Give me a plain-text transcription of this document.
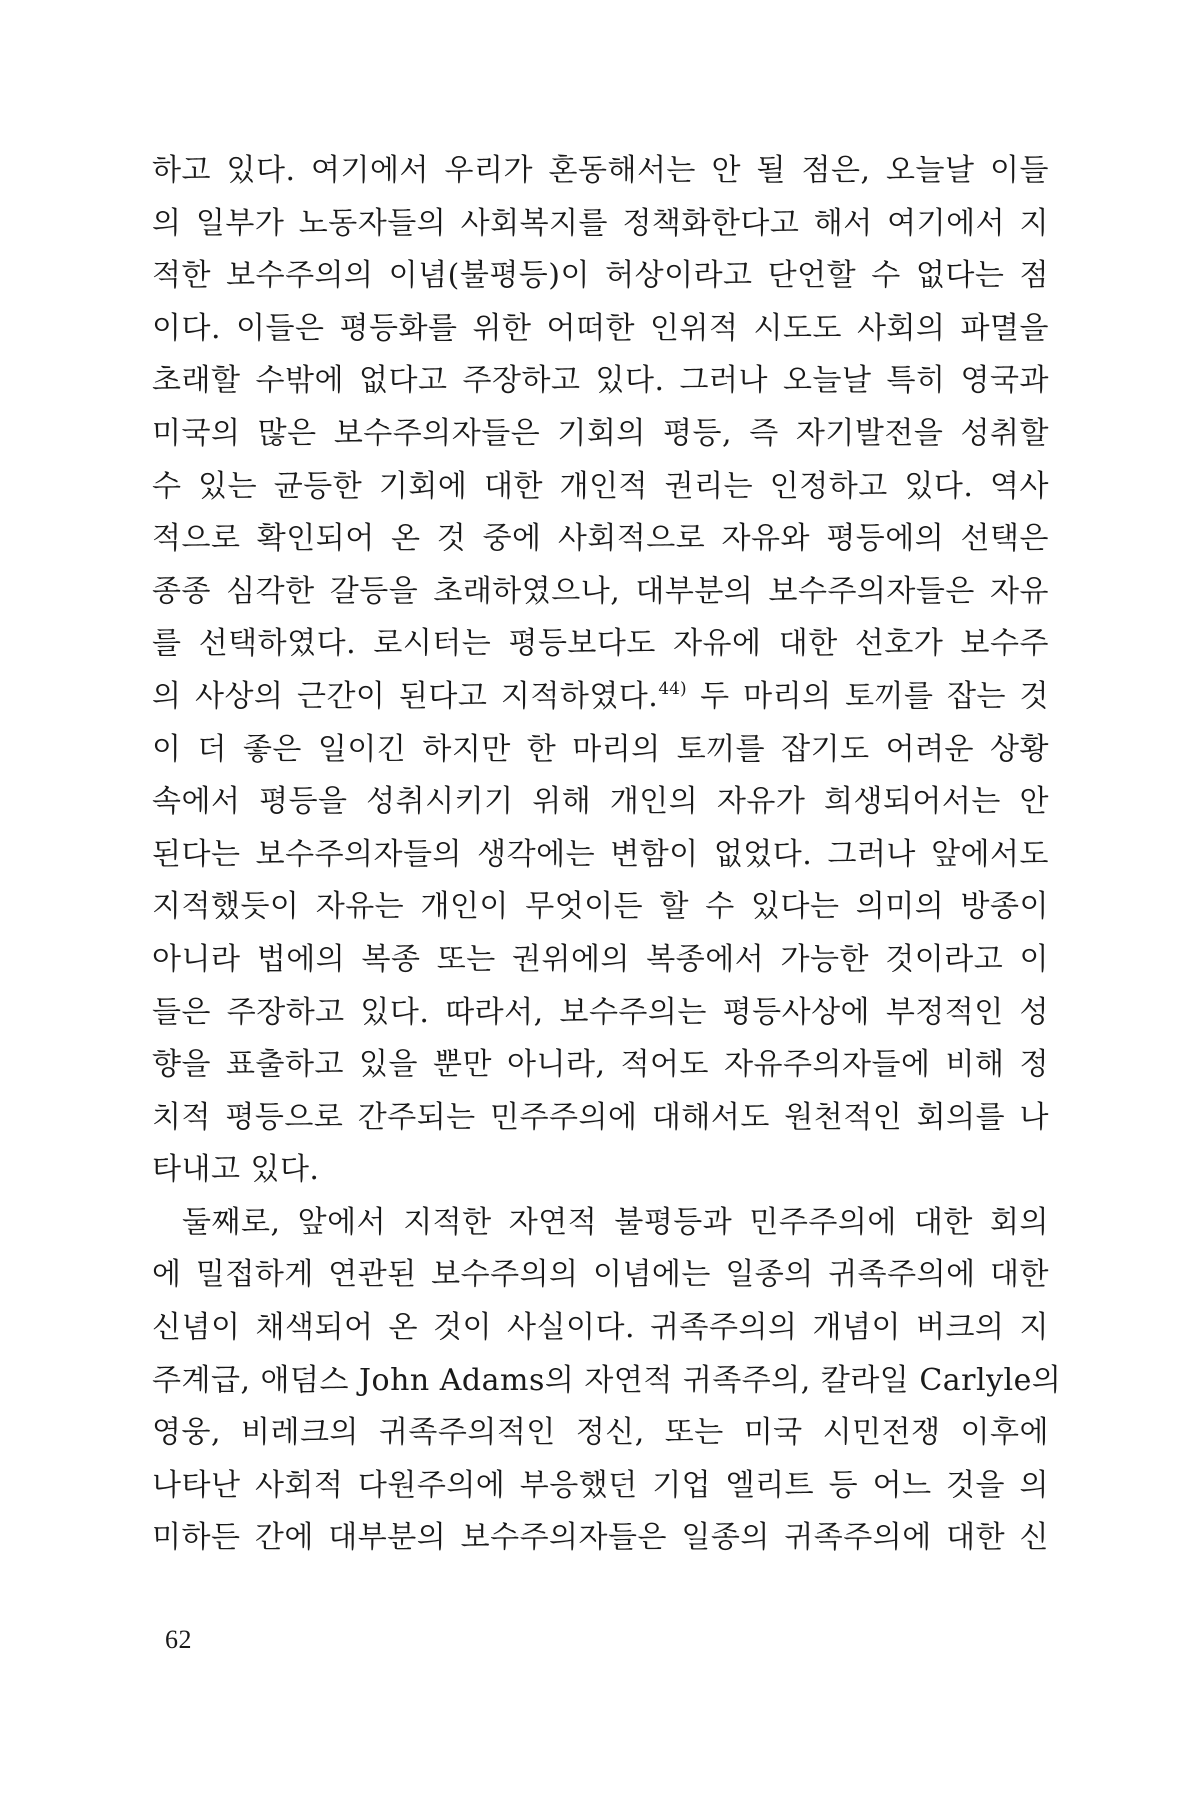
하고 있다. 여기에서 우리가 혼동해서는 안 될 점은, 오늘날 이들
의 일부가 노동자들의 사회복지를 정책화한다고 해서 여기에서 지
적한 보수주의의 이념(불평등)이 허상이라고 단언할 수 없다는 점
이다. 이들은 평등화를 위한 어떠한 인위적 시도도 사회의 파멸을
초래할 수밖에 없다고 주장하고 있다. 그러나 오늘날 특히 영국과
미국의 많은 보수주의자들은 기회의 평등, 즉 자기발전을 성취할
수 있는 균등한 기회에 대한 개인적 권리는 인정하고 있다. 역사
적으로 확인되어 온 것 중에 사회적으로 자유와 평등에의 선택은
종종 심각한 갈등을 초래하였으나, 대부분의 보수주의자들은 자유
를 선택하였다. 로시터는 평등보다도 자유에 대한 선호가 보수주
의 사상의 근간이 된다고 지적하였다.$^{44)}$ 두 마리의 토끼를 잡는 것
이 더 좋은 일이긴 하지만 한 마리의 토끼를 잡기도 어려운 상황
속에서 평등을 성취시키기 위해 개인의 자유가 희생되어서는 안
된다는 보수주의자들의 생각에는 변함이 없었다. 그러나 앞에서도
지적했듯이 자유는 개인이 무엇이든 할 수 있다는 의미의 방종이
아니라 법에의 복종 또는 권위에의 복종에서 가능한 것이라고 이
들은 주장하고 있다. 따라서, 보수주의는 평등사상에 부정적인 성
향을 표출하고 있을 뿐만 아니라, 적어도 자유주의자들에 비해 정
치적 평등으로 간주되는 민주주의에 대해서도 원천적인 회의를 나
타내고 있다.
둘째로, 앞에서 지적한 자연적 불평등과 민주주의에 대한 회의
에 밀접하게 연관된 보수주의의 이념에는 일종의 귀족주의에 대한
신념이 채색되어 온 것이 사실이다. 귀족주의의 개념이 버크의 지
주계급, 애덤스 John Adams의 자연적 귀족주의, 칼라일 Carlyle의
영웅, 비레크의 귀족주의적인 정신, 또는 미국 시민전쟁 이후에
나타난 사회적 다원주의에 부응했던 기업 엘리트 등 어느 것을 의
미하든 간에 대부분의 보수주의자들은 일종의 귀족주의에 대한 신
62
